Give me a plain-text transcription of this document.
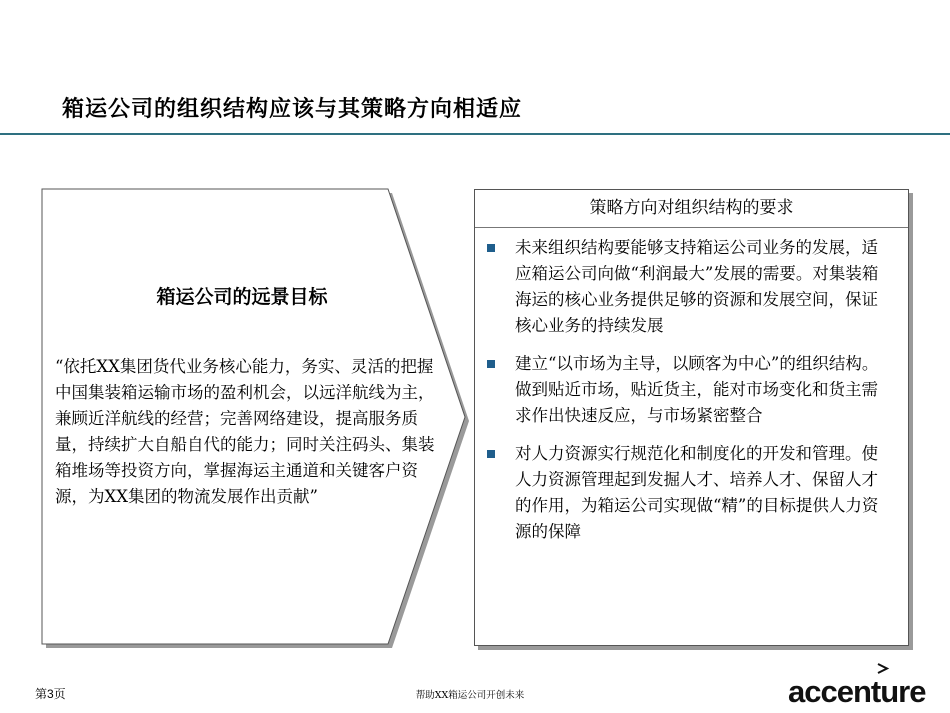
箱运公司的组织结构应该与其策略方向相适应
箱运公司的远景目标
“依托XX集团货代业务核心能力，务实、灵活的把握中国集装箱运输市场的盈利机会，以远洋航线为主，兼顾近洋航线的经营；完善网络建设，提高服务质量，持续扩大自船自代的能力；同时关注码头、集装箱堆场等投资方向，掌握海运主通道和关键客户资源，为XX集团的物流发展作出贡献”
策略方向对组织结构的要求
未来组织结构要能够支持箱运公司业务的发展，适应箱运公司向做“利润最大”发展的需要。对集装箱海运的核心业务提供足够的资源和发展空间，保证核心业务的持续发展
建立“以市场为主导，以顾客为中心”的组织结构。做到贴近市场，贴近货主，能对市场变化和货主需求作出快速反应，与市场紧密整合
对人力资源实行规范化和制度化的开发和管理。使人力资源管理起到发掘人才、培养人才、保留人才的作用，为箱运公司实现做“精”的目标提供人力资源的保障
第3页	帮助XX箱运公司开创未来	accenture
